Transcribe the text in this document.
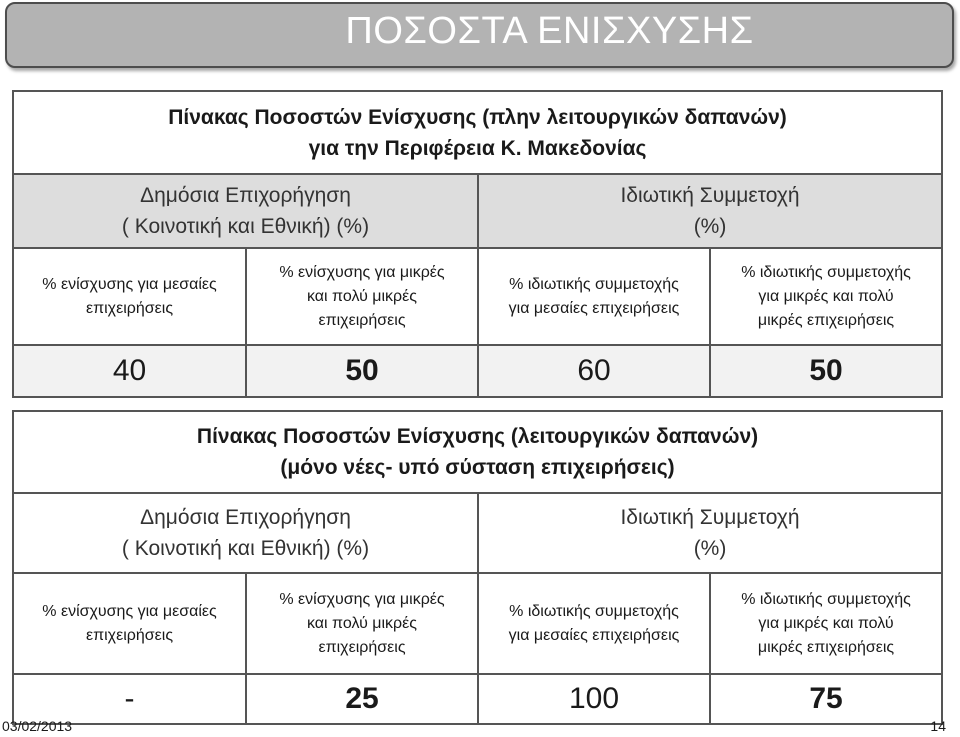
ΠΟΣΟΣΤΑ ΕΝΙΣΧΥΣΗΣ
Πίνακας Ποσοστών Ενίσχυσης (πλην λειτουργικών δαπανών)
για την Περιφέρεια Κ. Μακεδονίας			

Δημόσια Επιχορήγηση
( Κοινοτική και Εθνική) (%)		Ιδιωτική Συμμετοχή
(%)	

% ενίσχυσης για μεσαίες
επιχειρήσεις	% ενίσχυσης για μικρές
και πολύ μικρές
επιχειρήσεις	% ιδιωτικής συμμετοχής
για μεσαίες επιχειρήσεις	% ιδιωτικής συμμετοχής
για μικρές και πολύ
μικρές επιχειρήσεις

40	50	60	50
Πίνακας Ποσοστών Ενίσχυσης (λειτουργικών δαπανών)
(μόνο νέες- υπό σύσταση επιχειρήσεις)			

Δημόσια Επιχορήγηση
( Κοινοτική και Εθνική) (%)		Ιδιωτική Συμμετοχή
(%)	

% ενίσχυσης για μεσαίες
επιχειρήσεις	% ενίσχυσης για μικρές
και πολύ μικρές
επιχειρήσεις	% ιδιωτικής συμμετοχής
για μεσαίες επιχειρήσεις	% ιδιωτικής συμμετοχής
για μικρές και πολύ
μικρές επιχειρήσεις

-	25	100	75
03/02/2013	14
